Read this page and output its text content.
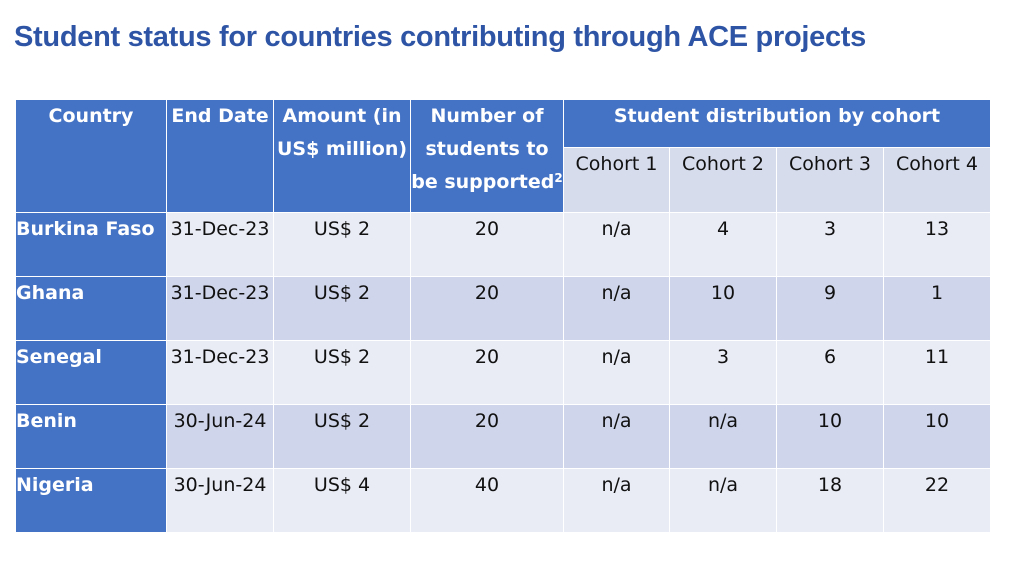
Student status for countries contributing through ACE projects
Country	End Date	Amount (in US$ million)	Number of students to be supported$^2$	Student distribution by cohort			
				Cohort 1	Cohort 2	Cohort 3	Cohort 4
Burkina Faso	31-Dec-23	US$ 2	20	n/a	4	3	13
Ghana	31-Dec-23	US$ 2	20	n/a	10	9	1
Senegal	31-Dec-23	US$ 2	20	n/a	3	6	11
Benin	30-Jun-24	US$ 2	20	n/a	n/a	10	10
Nigeria	30-Jun-24	US$ 4	40	n/a	n/a	18	22
